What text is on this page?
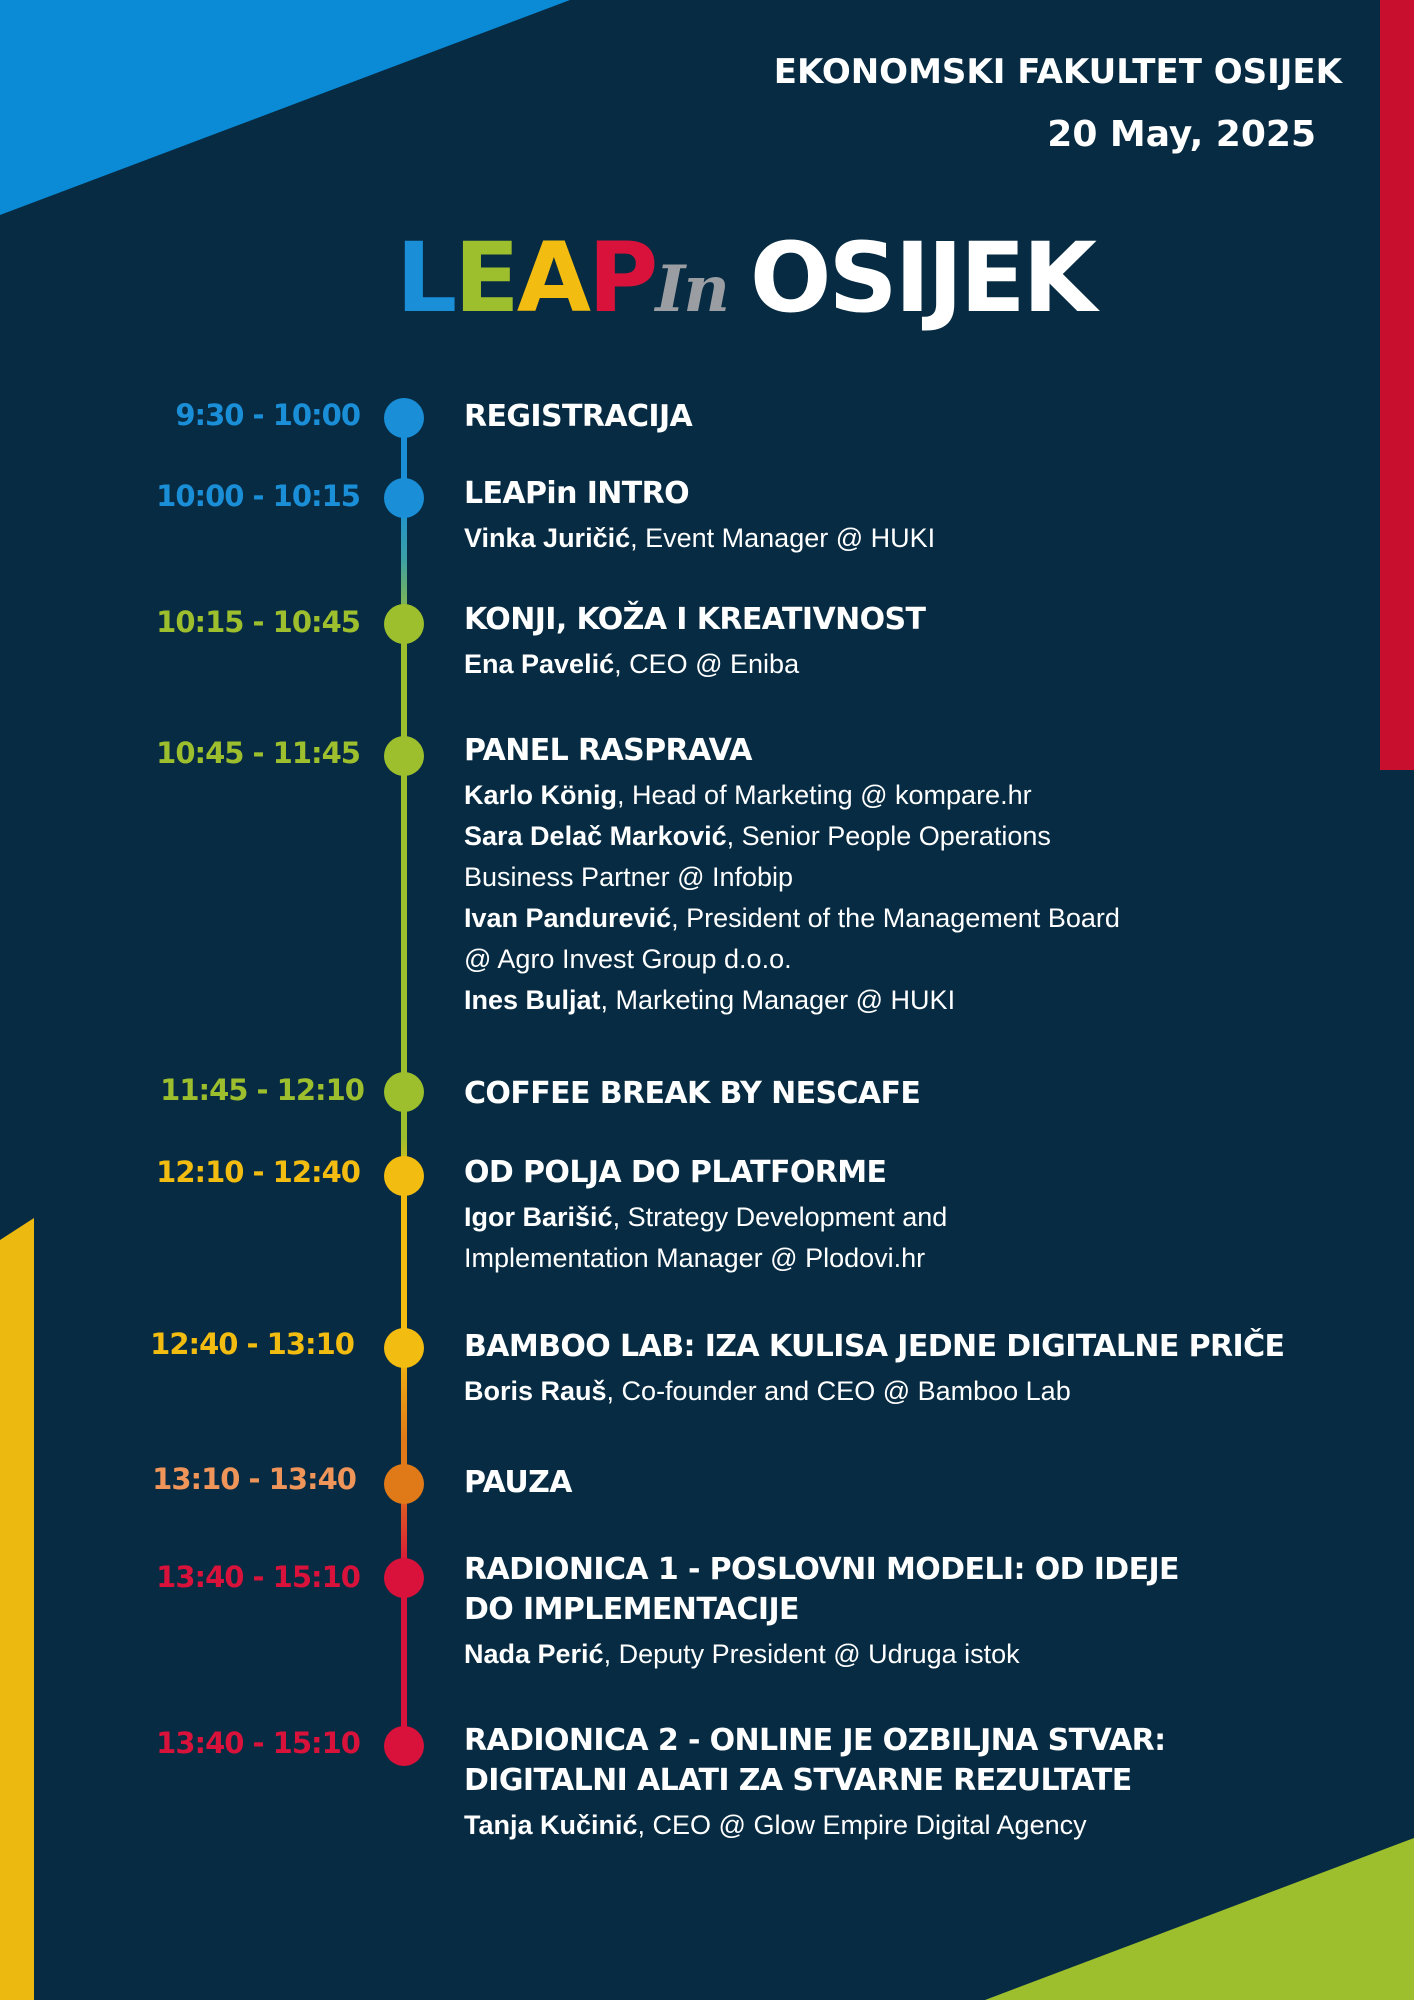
EKONOMSKI FAKULTET OSIJEK
20 May, 2025
LEAPIn OSIJEK
9:30 - 10:00	REGISTRACIJA
10:00 - 10:15	LEAPin INTRO
Vinka Juričić, Event Manager @ HUKI
10:15 - 10:45	KONJI, KOŽA I KREATIVNOST
Ena Pavelić, CEO @ Eniba
10:45 - 11:45	PANEL RASPRAVA
Karlo König, Head of Marketing @ kompare.hr
Sara Delač Marković, Senior People Operations Business Partner @ Infobip
Ivan Pandurević, President of the Management Board @ Agro Invest Group d.o.o.
Ines Buljat, Marketing Manager @ HUKI
11:45 - 12:10	COFFEE BREAK BY NESCAFE
12:10 - 12:40	OD POLJA DO PLATFORME
Igor Barišić, Strategy Development and Implementation Manager @ Plodovi.hr
12:40 - 13:10	BAMBOO LAB: IZA KULISA JEDNE DIGITALNE PRIČE
Boris Rauš, Co-founder and CEO @ Bamboo Lab
13:10 - 13:40	PAUZA
13:40 - 15:10	RADIONICA 1 - POSLOVNI MODELI: OD IDEJE DO IMPLEMENTACIJE
Nada Perić, Deputy President @ Udruga istok
13:40 - 15:10	RADIONICA 2 - ONLINE JE OZBILJNA STVAR: DIGITALNI ALATI ZA STVARNE REZULTATE
Tanja Kučinić, CEO @ Glow Empire Digital Agency
